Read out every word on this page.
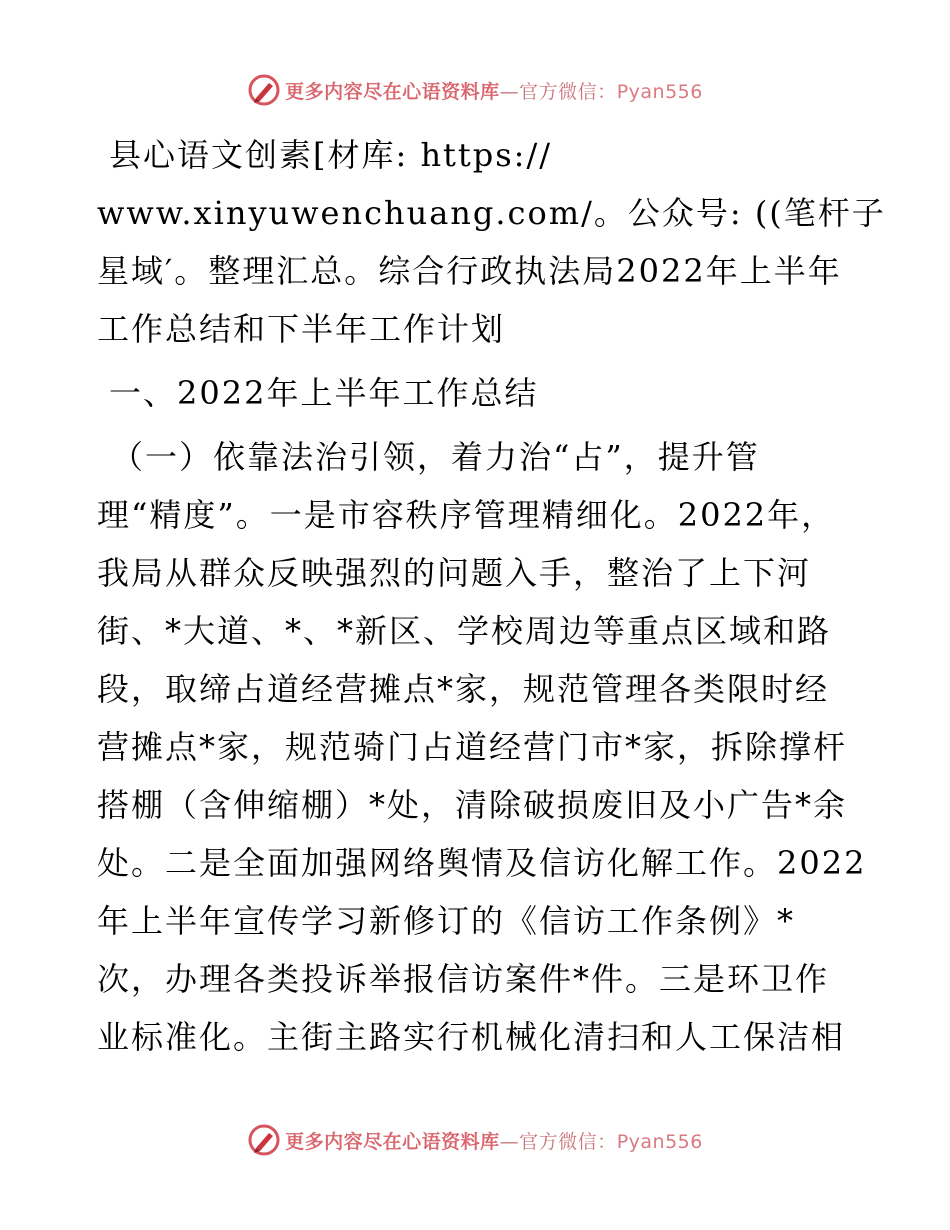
更多内容尽在心语资料库—官方微信：Pyan556
县心语文创素[材库: https://
www.xinyuwenchuang.com/。公众号: ((笔杆子
星域′。整理汇总。综合行政执法局2022年上半年
工作总结和下半年工作计划
一、2022年上半年工作总结
（一）依靠法治引领，着力治“占”，提升管
理“精度”。一是市容秩序管理精细化。2022年，
我局从群众反映强烈的问题入手，整治了上下河
街、*大道、*、*新区、学校周边等重点区域和路
段，取缔占道经营摊点*家，规范管理各类限时经
营摊点*家，规范骑门占道经营门市*家，拆除撑杆
搭棚（含伸缩棚）*处，清除破损废旧及小广告*余
处。二是全面加强网络舆情及信访化解工作。2022
年上半年宣传学习新修订的《信访工作条例》*
次，办理各类投诉举报信访案件*件。三是环卫作
业标准化。主街主路实行机械化清扫和人工保洁相
更多内容尽在心语资料库—官方微信：Pyan556
